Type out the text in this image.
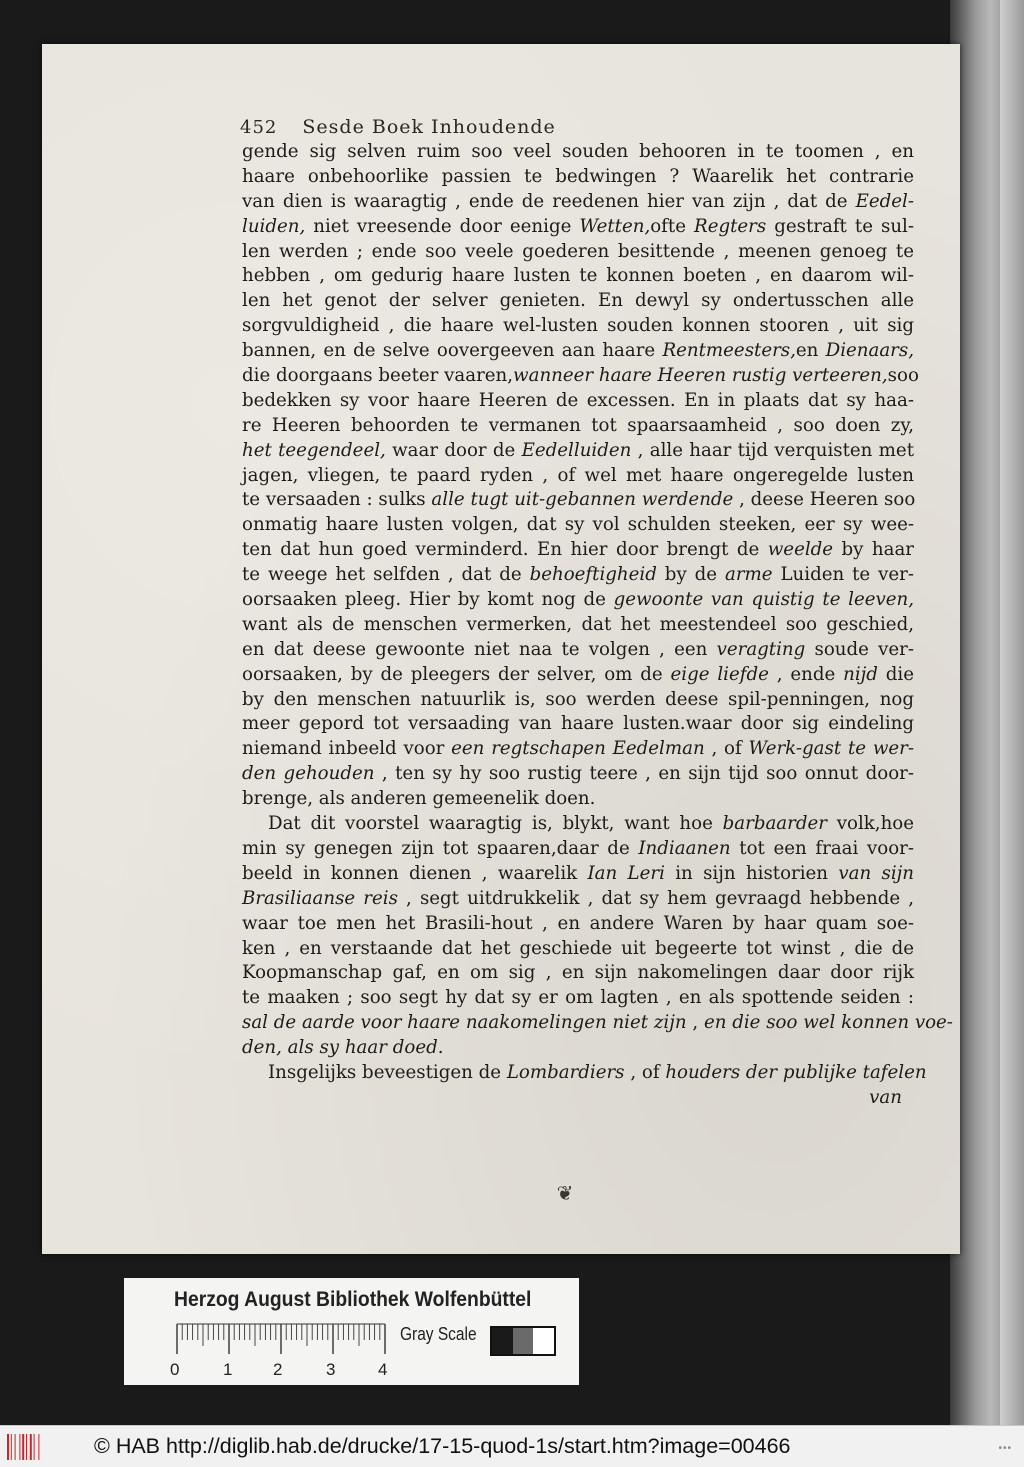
452 Sesde Boek Inhoudende
gende sig selven ruim soo veel souden behooren in te toomen , en
haare onbehoorlike passien te bedwingen ? Waarelik het contrarie
van dien is waaragtig , ende de reedenen hier van zijn , dat de Eedel-
luiden, niet vreesende door eenige Wetten,ofte Regters gestraft te sul-
len werden ; ende soo veele goederen besittende , meenen genoeg te
hebben , om gedurig haare lusten te konnen boeten , en daarom wil-
len het genot der selver genieten. En dewyl sy ondertusschen alle
sorgvuldigheid , die haare wel-lusten souden konnen stooren , uit sig
bannen, en de selve oovergeeven aan haare Rentmeesters,en Dienaars,
die doorgaans beeter vaaren,wanneer haare Heeren rustig verteeren,soo
bedekken sy voor haare Heeren de excessen. En in plaats dat sy haa-
re Heeren behoorden te vermanen tot spaarsaamheid , soo doen zy,
het teegendeel, waar door de Eedelluiden , alle haar tijd verquisten met
jagen, vliegen, te paard ryden , of wel met haare ongeregelde lusten
te versaaden : sulks alle tugt uit-gebannen werdende , deese Heeren soo
onmatig haare lusten volgen, dat sy vol schulden steeken, eer sy wee-
ten dat hun goed verminderd. En hier door brengt de weelde by haar
te weege het selfden , dat de behoeftigheid by de arme Luiden te ver-
oorsaaken pleeg. Hier by komt nog de gewoonte van quistig te leeven,
want als de menschen vermerken, dat het meestendeel soo geschied,
en dat deese gewoonte niet naa te volgen , een veragting soude ver-
oorsaaken, by de pleegers der selver, om de eige liefde , ende nijd die
by den menschen natuurlik is, soo werden deese spil-penningen, nog
meer gepord tot versaading van haare lusten.waar door sig eindeling
niemand inbeeld voor een regtschapen Eedelman , of Werk-gast te wer-
den gehouden , ten sy hy soo rustig teere , en sijn tijd soo onnut door-
brenge, als anderen gemeenelik doen.
Dat dit voorstel waaragtig is, blykt, want hoe barbaarder volk,hoe
min sy genegen zijn tot spaaren,daar de Indiaanen tot een fraai voor-
beeld in konnen dienen , waarelik Ian Leri in sijn historien van sijn
Brasiliaanse reis , segt uitdrukkelik , dat sy hem gevraagd hebbende ,
waar toe men het Brasili-hout , en andere Waren by haar quam soe-
ken , en verstaande dat het geschiede uit begeerte tot winst , die de
Koopmanschap gaf, en om sig , en sijn nakomelingen daar door rijk
te maaken ; soo segt hy dat sy er om lagten , en als spottende seiden :
sal de aarde voor haare naakomelingen niet zijn , en die soo wel konnen voe-
den, als sy haar doed.
Insgelijks beveestigen de Lombardiers , of houders der publijke tafelen
van
❦
Herzog August Bibliothek Wolfenbüttel
Gray Scale
0	1 2	3	4
© HAB http://diglib.hab.de/drucke/17-15-quod-1s/start.htm?image=00466	•••
